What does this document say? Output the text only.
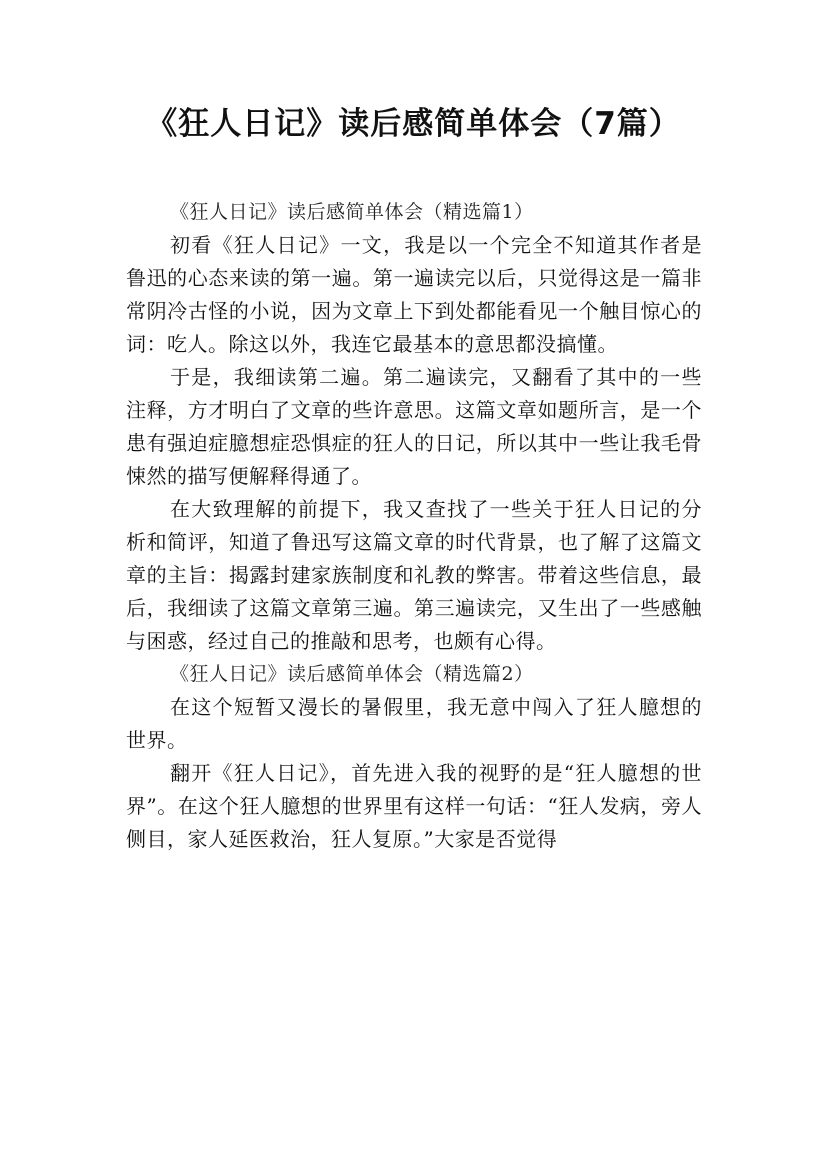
《狂人日记》读后感简单体会（7篇）

《狂人日记》读后感简单体会（精选篇1）

初看《狂人日记》一文，我是以一个完全不知道其作者是鲁迅的心态来读的第一遍。第一遍读完以后，只觉得这是一篇非常阴冷古怪的小说，因为文章上下到处都能看见一个触目惊心的词：吃人。除这以外，我连它最基本的意思都没搞懂。

于是，我细读第二遍。第二遍读完，又翻看了其中的一些注释，方才明白了文章的些许意思。这篇文章如题所言，是一个患有强迫症臆想症恐惧症的狂人的日记，所以其中一些让我毛骨悚然的描写便解释得通了。

在大致理解的前提下，我又查找了一些关于狂人日记的分析和简评，知道了鲁迅写这篇文章的时代背景，也了解了这篇文章的主旨：揭露封建家族制度和礼教的弊害。带着这些信息，最后，我细读了这篇文章第三遍。第三遍读完，又生出了一些感触与困惑，经过自己的推敲和思考，也颇有心得。

《狂人日记》读后感简单体会（精选篇2）

在这个短暂又漫长的暑假里，我无意中闯入了狂人臆想的世界。

翻开《狂人日记》，首先进入我的视野的是“狂人臆想的世界”。在这个狂人臆想的世界里有这样一句话：“狂人发病，旁人侧目，家人延医救治，狂人复原。”大家是否觉得
